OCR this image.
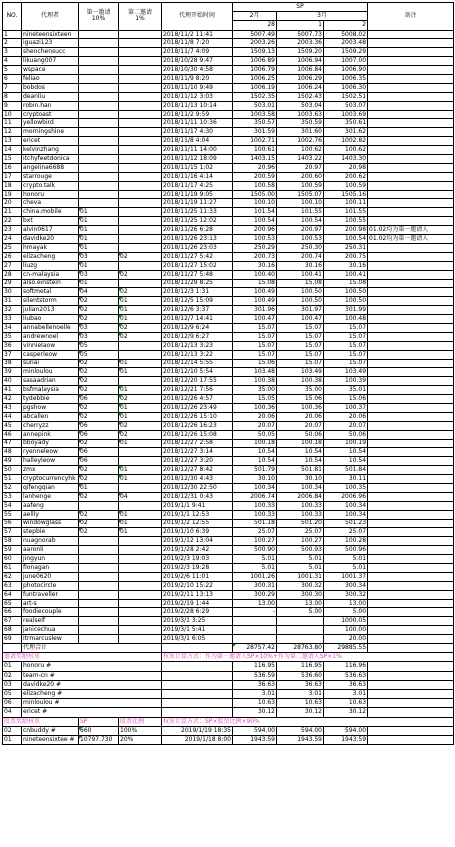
NO.	代理者	第一邀请
10%	第二邀请
1%	代理开始时间	SP			备注
					2月	3月		
					28	1	2	
1	nineteensixteen			2018/11/2 11:41	5007.49	5007.73	5008.02	
2	iguazi123			2018/11/8 7:20	2003.26	2003.36	2003.48	
3	shenchensucc			2018/11/7 4:09	1509.13	1509.20	1509.29	
4	likuang007			2018/10/28 9:47	1006.89	1006.94	1007.00	
5	wspace			2018/10/30 4:58	1006.79	1006.84	1006.90	
6	feliao			2018/11/9 8:20	1006.25	1006.29	1006.35	
7	bobdos			2018/11/10 9:49	1006.19	1006.24	1006.30	
8	deanliu			2018/11/12 3:03	1502.35	1502.43	1502.51	
9	robin.han			2018/11/13 10:14	503.01	503.04	503.07	
10	cryptoast			2018/11/2 9:59	1003.58	1003.63	1003.69	
11	yellowbird			2018/11/11 10:36	350.57	350.59	350.61	
12	morningshine			2018/11/17 4:30	301.59	301.60	301.62	
13	ericet			2018/11/8 4:04	1002.71	1002.76	1002.82	
14	kelvinzhang			2018/11/11 14:00	100.61	100.62	100.62	
15	itchyfeetdonica			2018/11/12 18:09	1403.15	1403.22	1403.30	
16	angelina6688			2018/11/15 1:02	20.96	20.97	20.98	
17	starrouge			2018/11/16 4:14	200.59	200.60	200.62	
18	crypto.talk			2018/11/17 4:25	100.58	100.59	100.59	
19	honoru			2018/11/19 9:05	1505.00	1505.07	1505.16	
20	cheva			2018/11/19 11:27	100.10	100.10	100.11	
21	china.mobile	01		2018/11/25 11:33	101.54	101.55	101.55	
22	bxt	01		2018/11/25 12:02	100.54	100.54	100.55	
23	alvin0617	01		2018/11/26 6:28	200.96	200.97	200.98	01.02均为第一邀请人
24	davidke20	01		2018/11/26 23:13	100.53	100.53	100.54	01.02均为第一邀请人
25	hmayak	01		2018/11/26 23:03	250.29	250.30	250.31	
26	elizacheng	03	02	2018/11/27 5:42	200.73	200.74	200.75	
27	liuzg	01		2018/11/27 15:02	30.16	30.16	30.16	
28	cn-malaysia	03	02	2018/11/27 5:48	100.40	100.41	100.41	
29	also.einstein	01		2018/11/29 8:25	15.08	15.08	15.08	
30	softmetal	04	02	2018/12/3 1:31	100.49	100.50	100.50	
31	silentstorm	02	01	2018/12/5 15:09	100.49	100.50	100.50	
32	julian2013	02	01	2018/12/6 3:37	301.96	301.97	301.99	
33	liubao	02	01	2018/12/7 14:41	100.47	100.47	100.48	
34	annabellenoelle	03	02	2018/12/9 6:24	15.07	15.07	15.07	
35	andrewnoel	03	02	2018/12/9 6:27	15.07	15.07	15.07	
36	vinnielaow	05		2018/12/13 3:23	15.07	15.07	15.07	
37	casperleow	05		2018/12/13 3:22	15.07	15.07	15.07	
38	sunai	02	01	2018/12/14 5:55	15.06	15.07	15.07	
39	minloulou	02	01	2018/12/10 5:54	103.48	103.49	103.49	
40	sasaadrian	02		2018/12/20 17:55	100.38	100.38	100.39	
41	bsfmalaysia	02	01	2018/12/21 7:56	35.00	35.00	35.01	
42	tydebbie	06	02	2018/12/26 4:57	15.05	15.06	15.06	
43	pgshow	02	01	2018/12/26 23:49	100.36	100.36	100.37	
44	abcallen	02	01	2018/12/26 15:10	20.06	20.06	20.06	
45	cherryzz	06	02	2018/12/26 16:23	20.07	20.07	20.07	
46	annepink	06	02	2018/12/26 15:08	50.05	50.06	50.06	
47	bboyady	02	01	2018/12/27 2:58	100.18	100.18	100.19	
48	ryenneleow	06		2018/12/27 3:14	10.54	10.54	10.54	
49	halleyleow	06		2018/12/27 3:20	10.54	10.54	10.54	
50	zmx	02	01	2018/12/27 8:42	501.79	501.81	501.84	
51	cryptocurrencyhk	02	01	2018/12/30 4:43	30.10	30.10	30.11	
52	qifengqian	01		2018/12/30 22:50	100.34	100.34	100.35	
53	lanhenge	02	04	2018/12/31 0:43	2006.74	2006.84	2006.96	
54	aafeng			2019/1/1 9:41	100.33	100.33	100.34	
55	aellly	02	01	2019/1/1 12:53	100.33	100.33	100.34	
56	windowglass	02	01	2019/1/2 12:55	501.18	501.20	501.23	
57	stepbie	02	01	2019/1/10 6:39	25.07	25.07	25.07	
58	nuagnorab			2019/1/12 13:04	100.27	100.27	100.28	
59	aaronli			2019/1/28 2:42	500.90	500.93	500.96	
60	jingyun			2019/2/3 19:03	5.01	5.01	5.01	
61	fionagan			2019/2/3 19:28	5.01	5.01	5.01	
62	june0620			2019/2/6 11:01	1001.26	1001.31	1001.37	
63	photocircle			2019/2/10 15:22	300.31	300.32	300.34	
64	funtraveller			2019/2/11 13:13	300.29	300.30	300.32	
65	art-s			2019/2/19 1:44	13.00	13.00	13.00	
66	foodiecouple			2019/2/28 6:29	-	5.00	5.00	
67	realself			2019/3/1 3:25			1000.05	
68	janicechua			2019/3/1 5:41			100.00	
69	itrmarcuslew			2019/3/1 6:05			20.00	
	代理合计				28757.42	28763.80	29885.55	
邀请奖励权重				权重计算方式：作为第一邀请人SP×10%+作为第二邀请人SP×1%				
01	honoru #				116.95	116.95	116.96	
02	team-cn #				536.59	536.60	536.63	
03	davidke20 #				36.63	36.63	36.63	
05	elizacheng #				3.01	3.01	3.01	
06	minloulou #				10.63	10.63	10.63	
04	ericet #				30.12	30.12	30.12	
股票奖励权重		SP	股票比例	权重计算方式：SP×股票比例×90%				
02	cnbuddy #	660	100%	2019/1/19 18:35	594.00	594.00	594.00	
01	nineteensixtee #	10797.730	20%	2019/1/18 8:00	1943.59	1943.59	1943.59	
